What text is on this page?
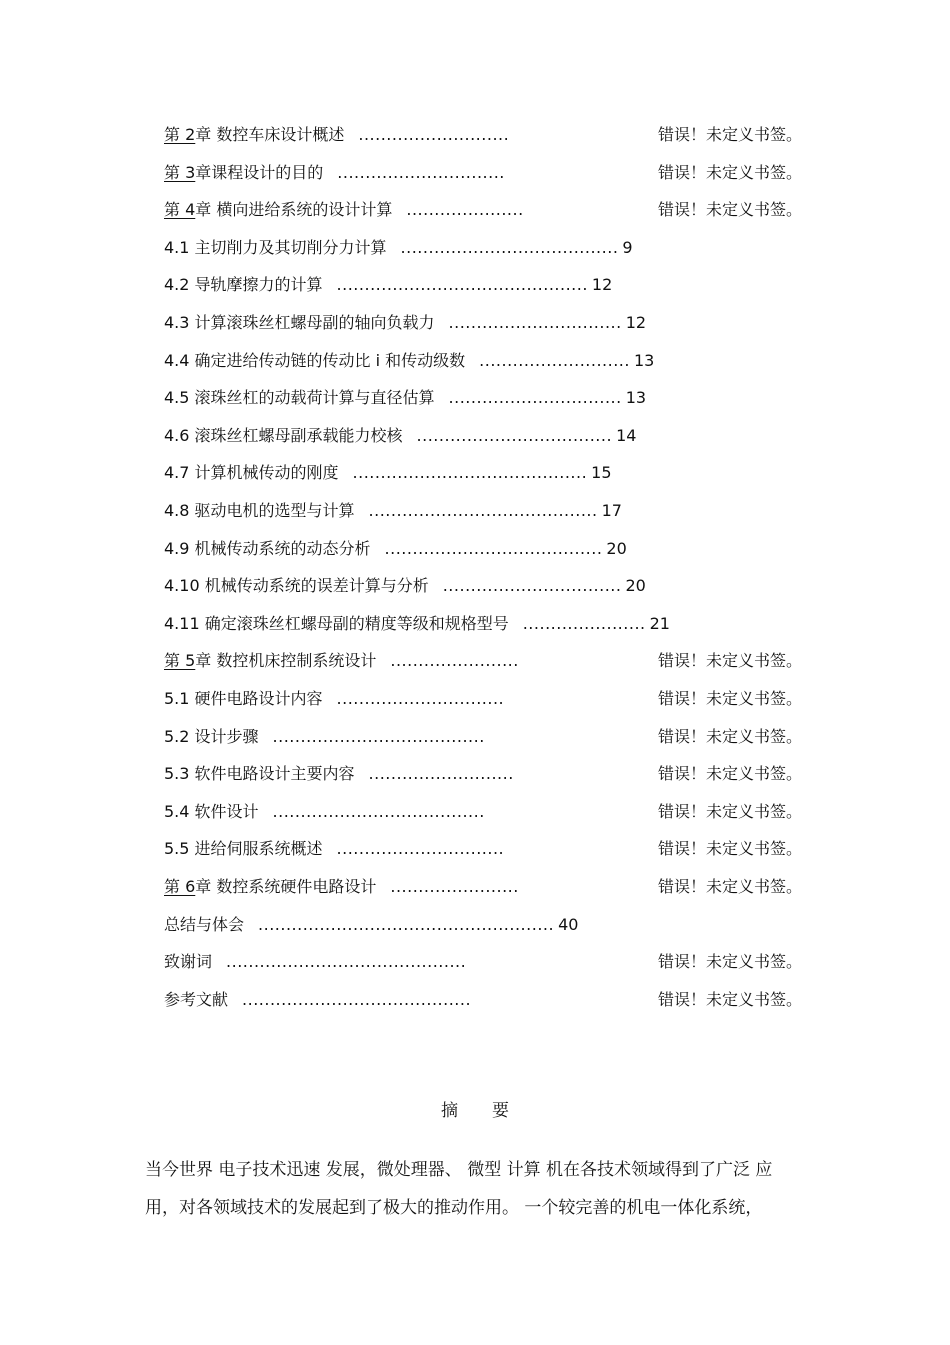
第 2章 数控车床设计概述 ...........................	错误！未定义书签。
第 3章课程设计的目的 ..............................	错误！未定义书签。
第 4章 横向进给系统的设计计算 .....................	错误！未定义书签。
4.1 主切削力及其切削分力计算 ....................................... 9
4.2 导轨摩擦力的计算 ............................................. 12
4.3 计算滚珠丝杠螺母副的轴向负载力 ............................... 12
4.4 确定进给传动链的传动比 i 和传动级数 ........................... 13
4.5 滚珠丝杠的动载荷计算与直径估算 ............................... 13
4.6 滚珠丝杠螺母副承载能力校核 ................................... 14
4.7 计算机械传动的刚度 .......................................... 15
4.8 驱动电机的选型与计算 ......................................... 17
4.9 机械传动系统的动态分析 ....................................... 20
4.10 机械传动系统的误差计算与分析 ................................ 20
4.11 确定滚珠丝杠螺母副的精度等级和规格型号 ...................... 21
第 5章 数控机床控制系统设计 .......................	错误！未定义书签。
5.1 硬件电路设计内容 ..............................	错误！未定义书签。
5.2 设计步骤 ......................................	错误！未定义书签。
5.3 软件电路设计主要内容 ..........................	错误！未定义书签。
5.4 软件设计 ......................................	错误！未定义书签。
5.5 进给伺服系统概述 ..............................	错误！未定义书签。
第 6章 数控系统硬件电路设计 .......................	错误！未定义书签。
总结与体会 ..................................................... 40
致谢词 ...........................................	错误！未定义书签。
参考文献 .........................................	错误！未定义书签。
摘要
当今世界 电子技术迅速 发展，微处理器、 微型 计算 机在各技术领域得到了广泛 应
用，对各领域技术的发展起到了极大的推动作用。 一个较完善的机电一体化系统，
